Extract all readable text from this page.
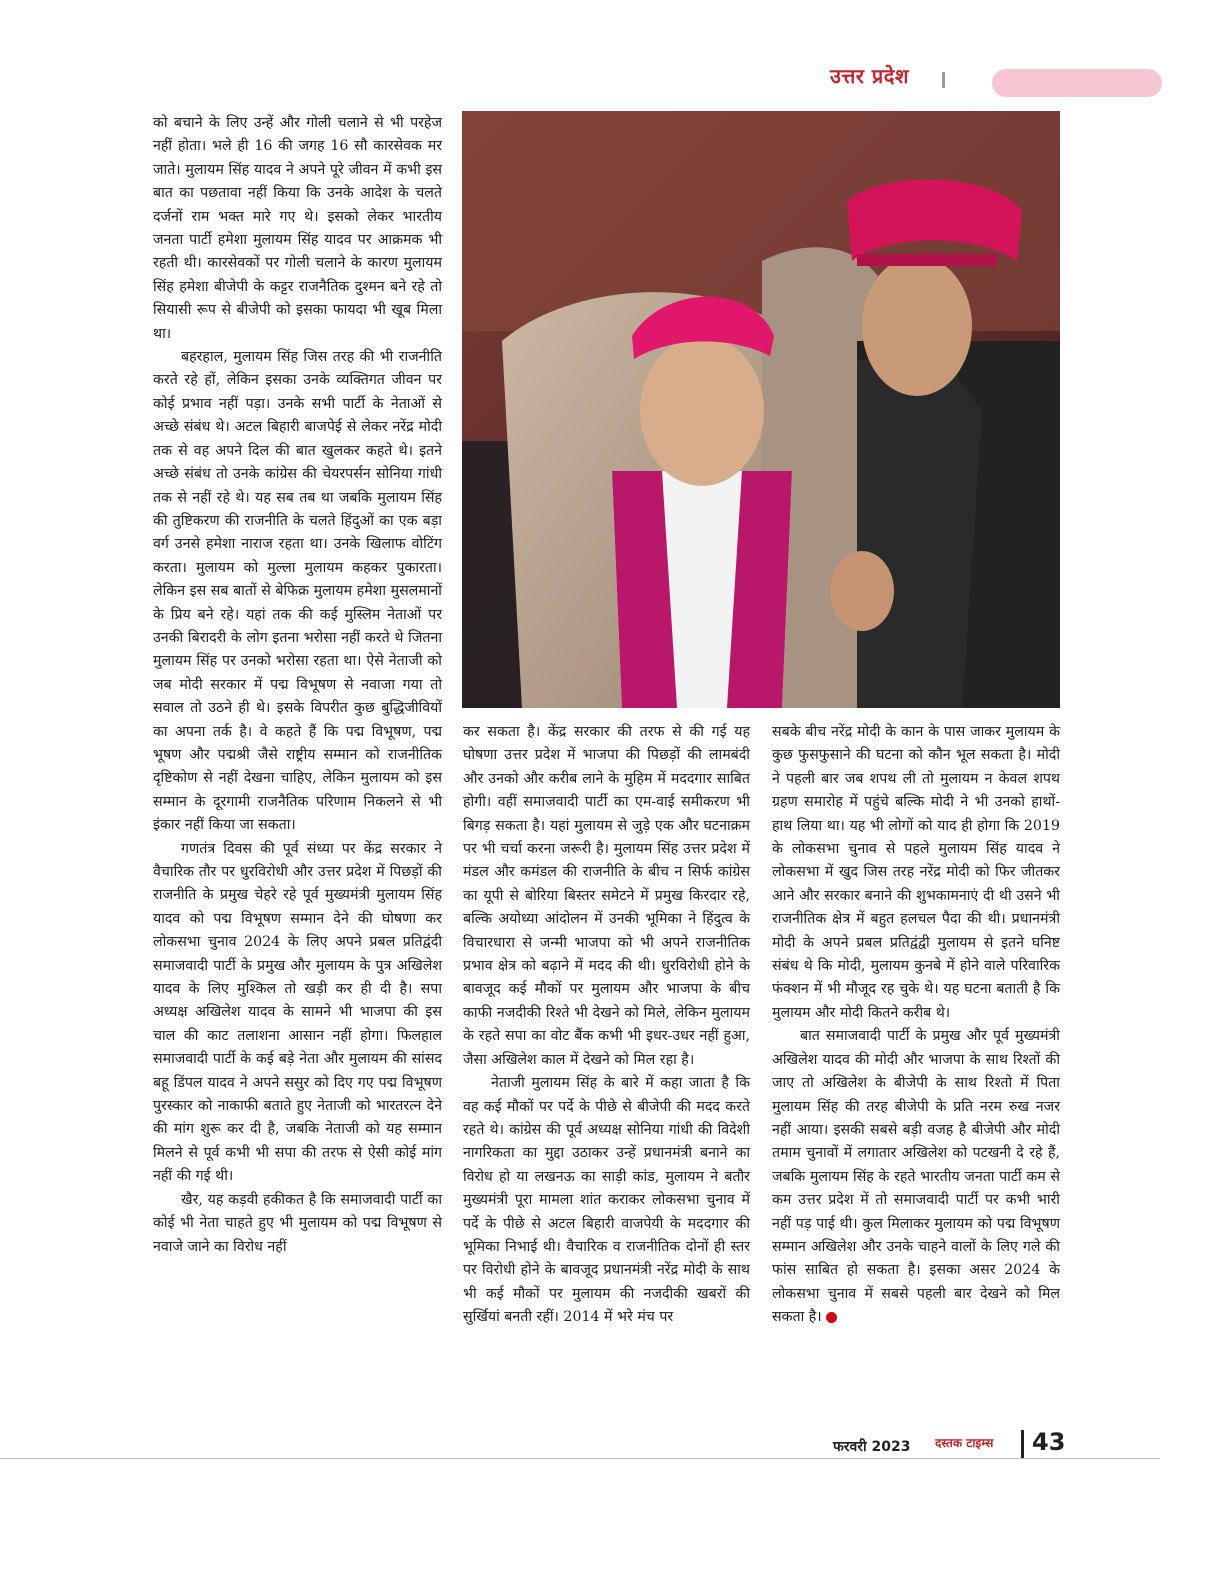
उत्तर प्रदेश

को बचाने के लिए उन्हें और गोली चलाने से भी परहेज नहीं होता। भले ही 16 की जगह 16 सौ कारसेवक मर जाते। मुलायम सिंह यादव ने अपने पूरे जीवन में कभी इस बात का पछतावा नहीं किया कि उनके आदेश के चलते दर्जनों राम भक्त मारे गए थे। इसको लेकर भारतीय जनता पार्टी हमेशा मुलायम सिंह यादव पर आक्रमक भी रहती थी। कारसेवकों पर गोली चलाने के कारण मुलायम सिंह हमेशा बीजेपी के कट्टर राजनैतिक दुश्मन बने रहे तो सियासी रूप से बीजेपी को इसका फायदा भी खूब मिला था।

बहरहाल, मुलायम सिंह जिस तरह की भी राजनीति करते रहे हों, लेकिन इसका उनके व्यक्तिगत जीवन पर कोई प्रभाव नहीं पड़ा। उनके सभी पार्टी के नेताओं से अच्छे संबंध थे। अटल बिहारी बाजपेई से लेकर नरेंद्र मोदी तक से वह अपने दिल की बात खुलकर कहते थे। इतने अच्छे संबंध तो उनके कांग्रेस की चेयरपर्सन सोनिया गांधी तक से नहीं रहे थे। यह सब तब था जबकि मुलायम सिंह की तुष्टिकरण की राजनीति के चलते हिंदुओं का एक बड़ा वर्ग उनसे हमेशा नाराज रहता था। उनके खिलाफ वोटिंग करता। मुलायम को मुल्ला मुलायम कहकर पुकारता। लेकिन इस सब बातों से बेफिक्र मुलायम हमेशा मुसलमानों के प्रिय बने रहे। यहां तक की कई मुस्लिम नेताओं पर उनकी बिरादरी के लोग इतना भरोसा नहीं करते थे जितना मुलायम सिंह पर उनको भरोसा रहता था। ऐसे नेताजी को जब मोदी सरकार में पद्म विभूषण से नवाजा गया तो सवाल तो उठने ही थे। इसके विपरीत कुछ बुद्धिजीवियों का अपना तर्क है। वे कहते हैं कि पद्म विभूषण, पद्म भूषण और पद्मश्री जैसे राष्ट्रीय सम्मान को राजनीतिक दृष्टिकोण से नहीं देखना चाहिए, लेकिन मुलायम को इस सम्मान के दूरगामी राजनैतिक परिणाम निकलने से भी इंकार नहीं किया जा सकता।

गणतंत्र दिवस की पूर्व संध्या पर केंद्र सरकार ने वैचारिक तौर पर धुरविरोधी और उत्तर प्रदेश में पिछड़ों की राजनीति के प्रमुख चेहरे रहे पूर्व मुख्यमंत्री मुलायम सिंह यादव को पद्म विभूषण सम्मान देने की घोषणा कर लोकसभा चुनाव 2024 के लिए अपने प्रबल प्रतिद्वंदी समाजवादी पार्टी के प्रमुख और मुलायम के पुत्र अखिलेश यादव के लिए मुश्किल तो खड़ी कर ही दी है। सपा अध्यक्ष अखिलेश यादव के सामने भी भाजपा की इस चाल की काट तलाशना आसान नहीं होगा। फिलहाल समाजवादी पार्टी के कई बड़े नेता और मुलायम की सांसद बहू डिंपल यादव ने अपने ससुर को दिए गए पद्म विभूषण पुरस्कार को नाकाफी बताते हुए नेताजी को भारतरत्न देने की मांग शुरू कर दी है, जबकि नेताजी को यह सम्मान मिलने से पूर्व कभी भी सपा की तरफ से ऐसी कोई मांग नहीं की गई थी।

खैर, यह कड़वी हकीकत है कि समाजवादी पार्टी का कोई भी नेता चाहते हुए भी मुलायम को पद्म विभूषण से नवाजे जाने का विरोध नहीं

कर सकता है। केंद्र सरकार की तरफ से की गई यह घोषणा उत्तर प्रदेश में भाजपा की पिछड़ों की लामबंदी और उनको और करीब लाने के मुहिम में मददगार साबित होगी। वहीं समाजवादी पार्टी का एम-वाई समीकरण भी बिगड़ सकता है। यहां मुलायम से जुड़े एक और घटनाक्रम पर भी चर्चा करना जरूरी है। मुलायम सिंह उत्तर प्रदेश में मंडल और कमंडल की राजनीति के बीच न सिर्फ कांग्रेस का यूपी से बोरिया बिस्तर समेटने में प्रमुख किरदार रहे, बल्कि अयोध्या आंदोलन में उनकी भूमिका ने हिंदुत्व के विचारधारा से जन्मी भाजपा को भी अपने राजनीतिक प्रभाव क्षेत्र को बढ़ाने में मदद की थी। धुरविरोधी होने के बावजूद कई मौकों पर मुलायम और भाजपा के बीच काफी नजदीकी रिश्ते भी देखने को मिले, लेकिन मुलायम के रहते सपा का वोट बैंक कभी भी इधर-उधर नहीं हुआ, जैसा अखिलेश काल में देखने को मिल रहा है।

नेताजी मुलायम सिंह के बारे में कहा जाता है कि वह कई मौकों पर पर्दे के पीछे से बीजेपी की मदद करते रहते थे। कांग्रेस की पूर्व अध्यक्ष सोनिया गांधी की विदेशी नागरिकता का मुद्दा उठाकर उन्हें प्रधानमंत्री बनाने का विरोध हो या लखनऊ का साड़ी कांड, मुलायम ने बतौर मुख्यमंत्री पूरा मामला शांत कराकर लोकसभा चुनाव में पर्दे के पीछे से अटल बिहारी वाजपेयी के मददगार की भूमिका निभाई थी। वैचारिक व राजनीतिक दोनों ही स्तर पर विरोधी होने के बावजूद प्रधानमंत्री नरेंद्र मोदी के साथ भी कई मौकों पर मुलायम की नजदीकी खबरों की सुर्खियां बनती रहीं। 2014 में भरे मंच पर

सबके बीच नरेंद्र मोदी के कान के पास जाकर मुलायम के कुछ फुसफुसाने की घटना को कौन भूल सकता है। मोदी ने पहली बार जब शपथ ली तो मुलायम न केवल शपथ ग्रहण समारोह में पहुंचे बल्कि मोदी ने भी उनको हाथों-हाथ लिया था। यह भी लोगों को याद ही होगा कि 2019 के लोकसभा चुनाव से पहले मुलायम सिंह यादव ने लोकसभा में खुद जिस तरह नरेंद्र मोदी को फिर जीतकर आने और सरकार बनाने की शुभकामनाएं दी थी उसने भी राजनीतिक क्षेत्र में बहुत हलचल पैदा की थी। प्रधानमंत्री मोदी के अपने प्रबल प्रतिद्वंद्वी मुलायम से इतने घनिष्ट संबंध थे कि मोदी, मुलायम कुनबे में होने वाले परिवारिक फंक्शन में भी मौजूद रह चुके थे। यह घटना बताती है कि मुलायम और मोदी कितने करीब थे।

बात समाजवादी पार्टी के प्रमुख और पूर्व मुख्यमंत्री अखिलेश यादव की मोदी और भाजपा के साथ रिश्तों की जाए तो अखिलेश के बीजेपी के साथ रिश्तो में पिता मुलायम सिंह की तरह बीजेपी के प्रति नरम रुख नजर नहीं आया। इसकी सबसे बड़ी वजह है बीजेपी और मोदी तमाम चुनावों में लगातार अखिलेश को पटखनी दे रहे हैं, जबकि मुलायम सिंह के रहते भारतीय जनता पार्टी कम से कम उत्तर प्रदेश में तो समाजवादी पार्टी पर कभी भारी नहीं पड़ पाई थी। कुल मिलाकर मुलायम को पद्म विभूषण सम्मान अखिलेश और उनके चाहने वालों के लिए गले की फांस साबित हो सकता है। इसका असर 2024 के लोकसभा चुनाव में सबसे पहली बार देखने को मिल सकता है।

फरवरी 2023 दस्तक टाइम्स	43
